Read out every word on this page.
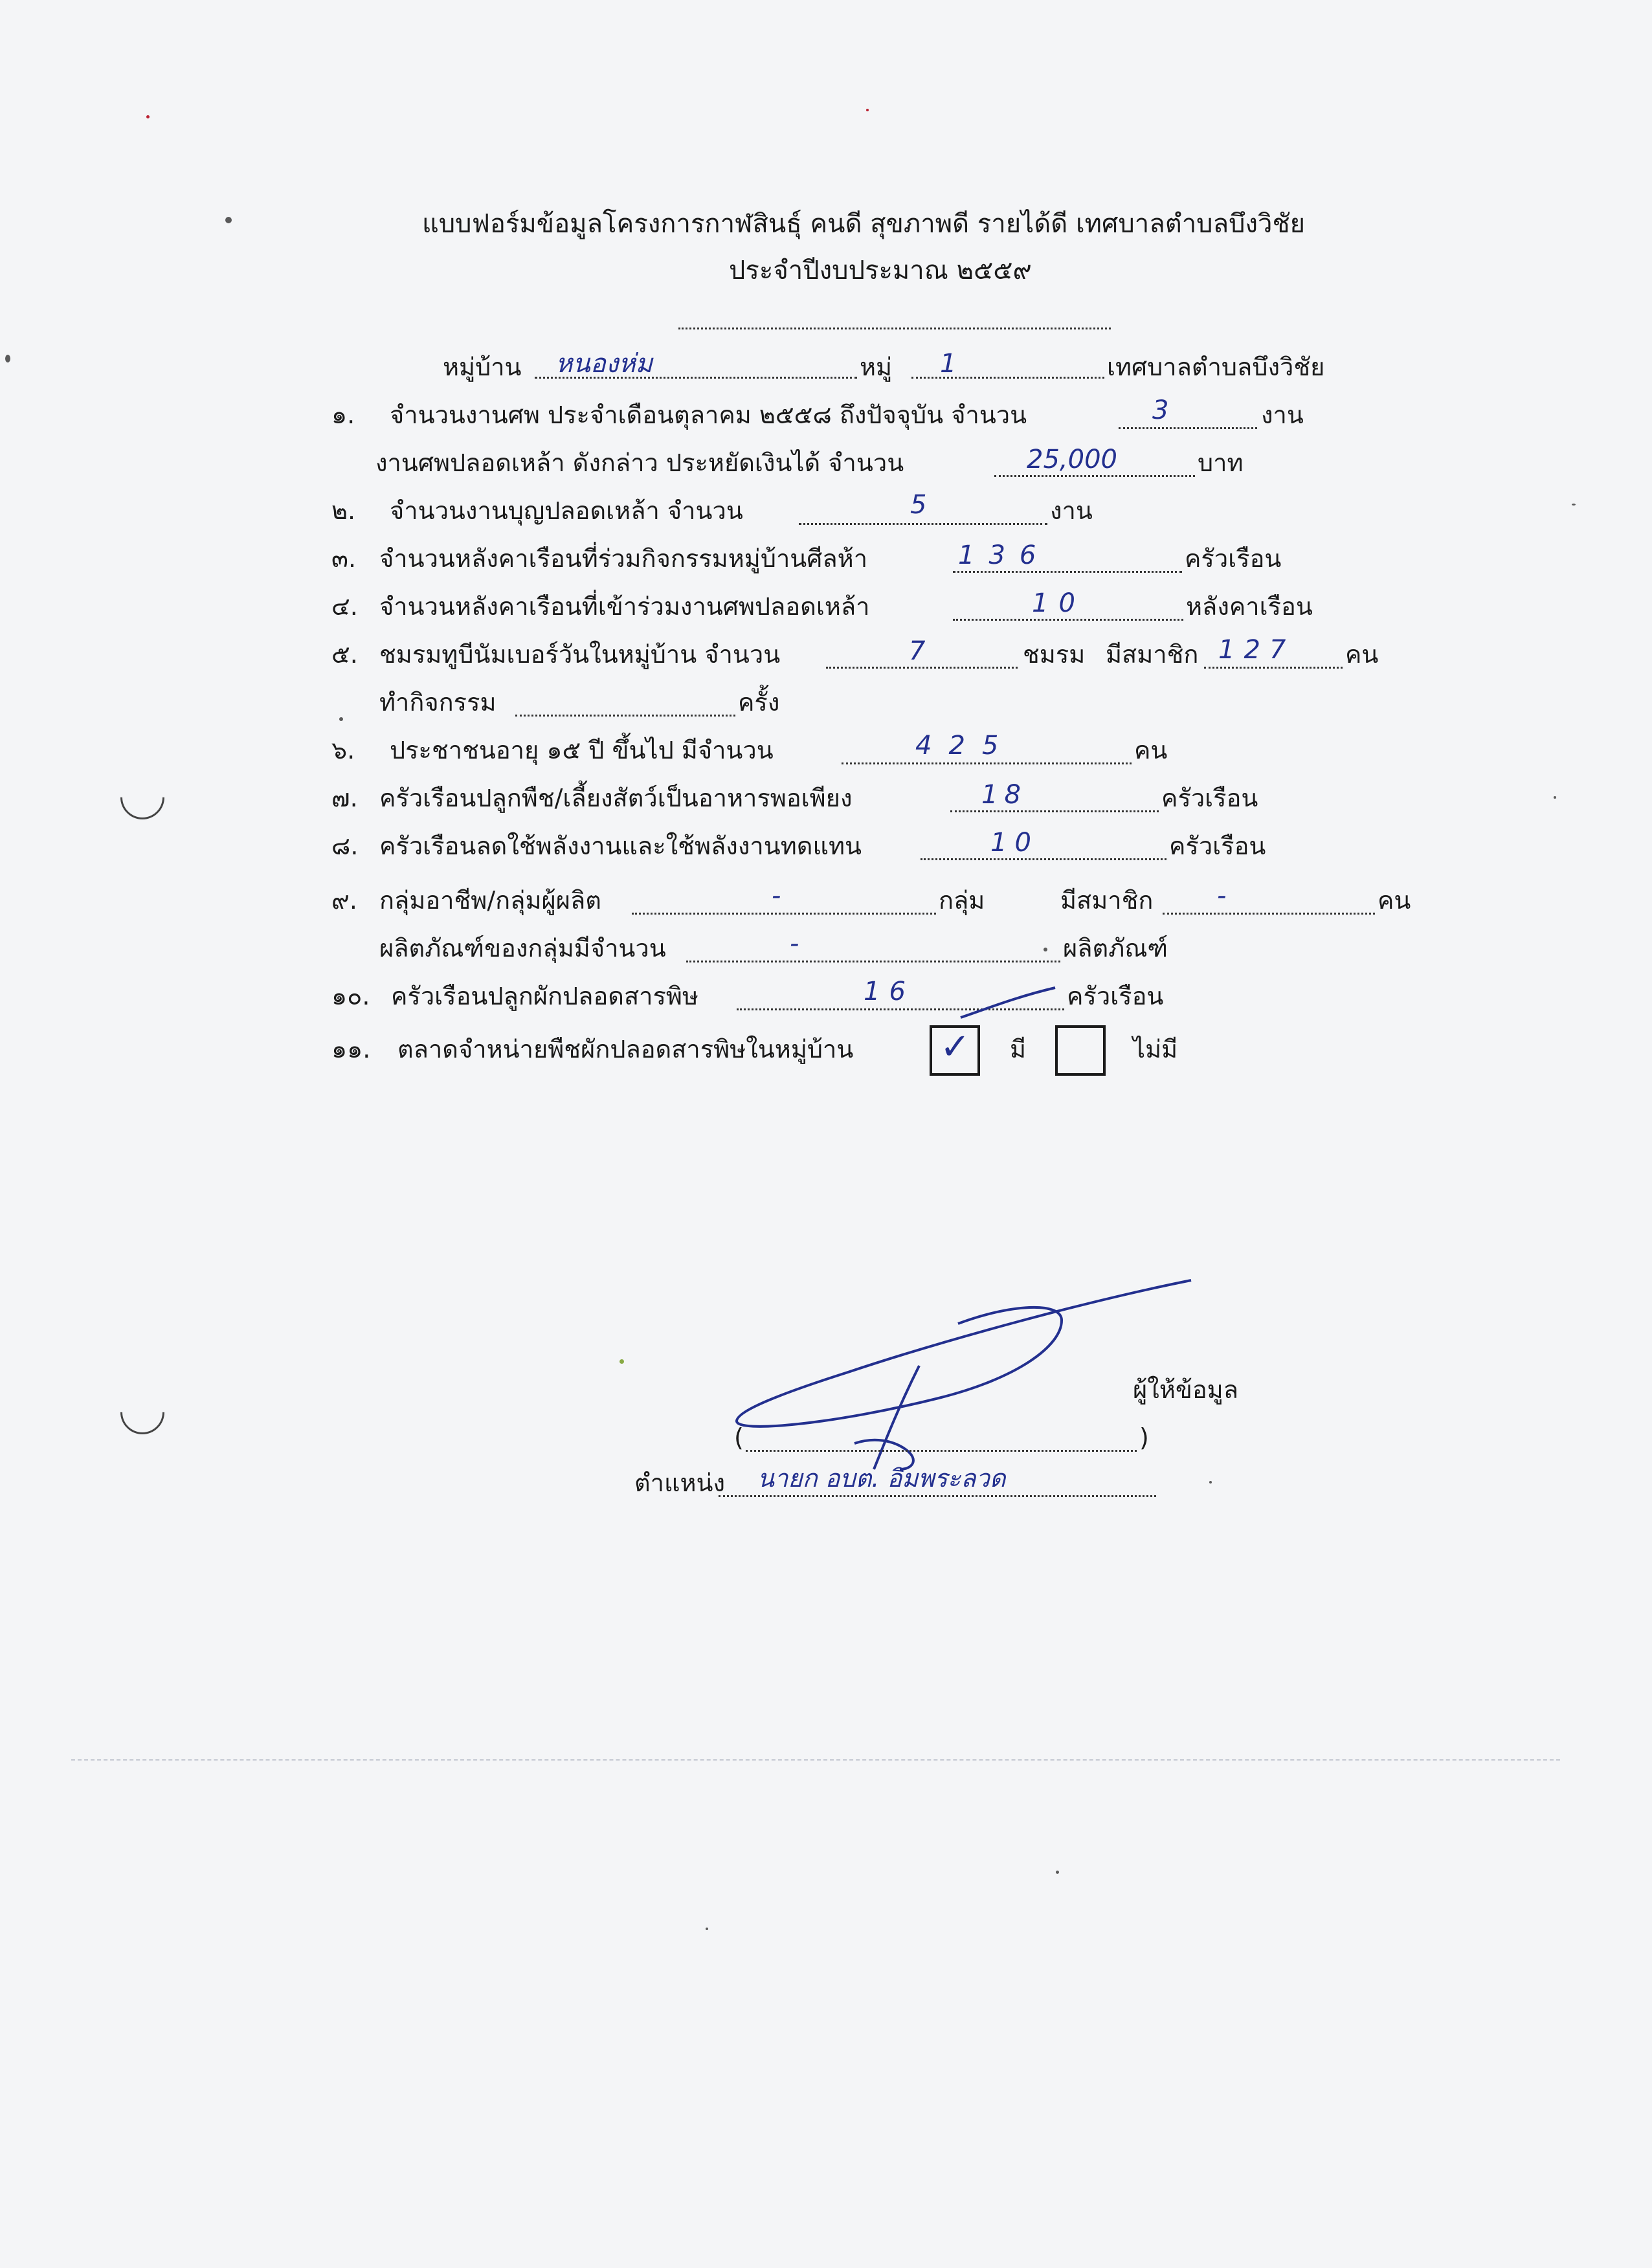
แบบฟอร์มข้อมูลโครงการกาฬสินธุ์ คนดี สุขภาพดี รายได้ดี เทศบาลตำบลบึงวิชัย
ประจำปีงบประมาณ ๒๕๕๙
หมู่บ้าน	หมู่	เทศบาลตำบลบึงวิชัย
หนองห่ม	1
๑. จำนวนงานศพ ประจำเดือนตุลาคม ๒๕๕๘ ถึงปัจจุบัน จำนวน	งาน
3
งานศพปลอดเหล้า ดังกล่าว ประหยัดเงินได้ จำนวน	บาท
25,000
๒. จำนวนงานบุญปลอดเหล้า จำนวน	งาน
5
๓. จำนวนหลังคาเรือนที่ร่วมกิจกรรมหมู่บ้านศีลห้า	ครัวเรือน
136
๔. จำนวนหลังคาเรือนที่เข้าร่วมงานศพปลอดเหล้า	หลังคาเรือน
10
๕. ชมรมทูบีนัมเบอร์วันในหมู่บ้าน จำนวน	ชมรม มีสมาชิก	คน
7	127
ทำกิจกรรม	ครั้ง
๖. ประชาชนอายุ ๑๕ ปี ขึ้นไป มีจำนวน	คน
425
๗. ครัวเรือนปลูกพืช/เลี้ยงสัตว์เป็นอาหารพอเพียง	ครัวเรือน
18
๘. ครัวเรือนลดใช้พลังงานและใช้พลังงานทดแทน	ครัวเรือน
10
๙. กลุ่มอาชีพ/กลุ่มผู้ผลิต	กลุ่ม	มีสมาชิก	คน
-	-
ผลิตภัณฑ์ของกลุ่มมีจำนวน	ผลิตภัณฑ์
-
๑๐. ครัวเรือนปลูกผักปลอดสารพิษ	ครัวเรือน
16
๑๑. ตลาดจำหน่ายพืชผักปลอดสารพิษในหมู่บ้าน	มี	ไม่มี
✓
ผู้ให้ข้อมูล
(	)
ตำแหน่ง นายก อบต. อิมพระลวด
